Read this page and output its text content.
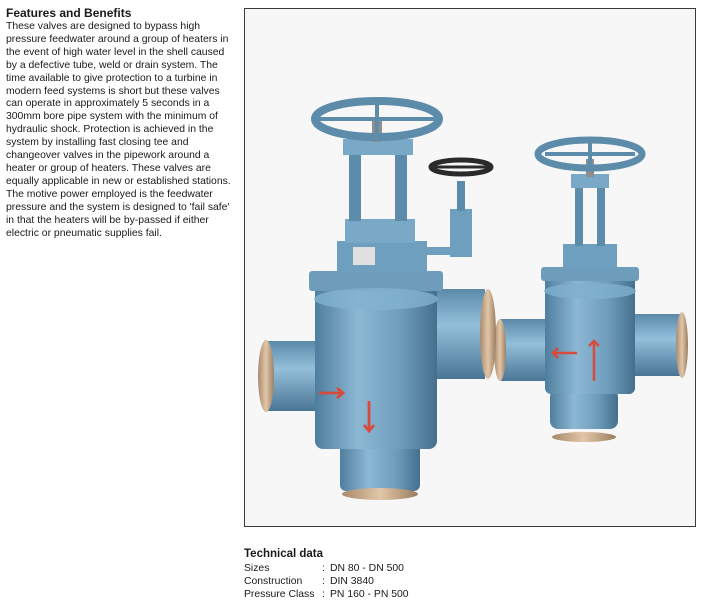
Features and Benefits

These valves are designed to bypass high pressure feedwater around a group of heaters in the event of high water level in the shell caused by a defective tube, weld or drain system. The time available to give protection to a turbine in modern feed systems is short but these valves can operate in approximately 5 seconds in a 300mm bore pipe system with the minimum of hydraulic shock. Protection is achieved in the system by installing fast closing tee and changeover valves in the pipework around a heater or group of heaters. These valves are equally applicable in new or established stations. The motive power employed is the feedwater pressure and the system is designed to 'fail safe' in that the heaters will be by-passed if either electric or pneumatic supplies fail.

Technical data
Sizes	: DN 80 - DN 500
Construction : DIN 3840
Pressure Class : PN 160 - PN 500
